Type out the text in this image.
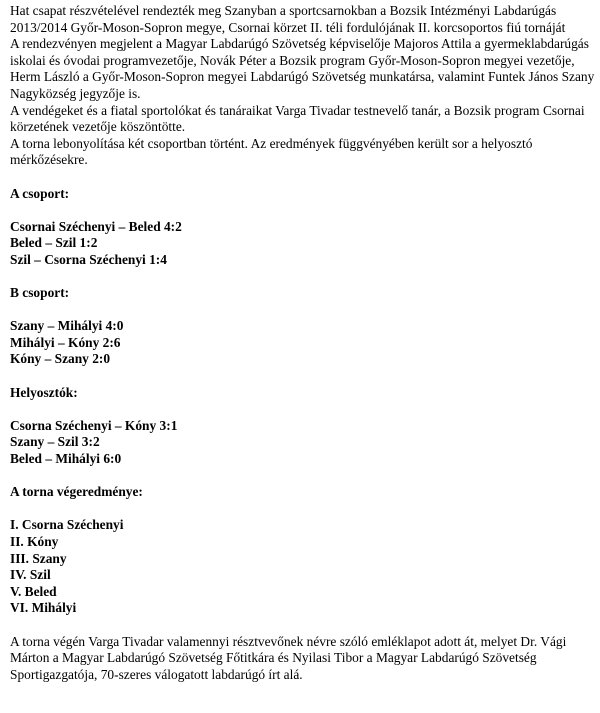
Hat csapat részvételével rendezték meg Szanyban a sportcsarnokban a Bozsik Intézményi Labdarúgás 2013/2014 Győr-Moson-Sopron megye, Csornai körzet II. téli fordulójának II. korcsoportos fiú tornáját

A rendezvényen megjelent a Magyar Labdarúgó Szövetség képviselője Majoros Attila a gyermeklabdarúgás iskolai és óvodai programvezetője, Novák Péter a Bozsik program Győr-Moson-Sopron megyei vezetője, Herm László a Győr-Moson-Sopron megyei Labdarúgó Szövetség munkatársa, valamint Funtek János Szany Nagyközség jegyzője is.

A vendégeket és a fiatal sportolókat és tanáraikat Varga Tivadar testnevelő tanár, a Bozsik program Csornai körzetének vezetője köszöntötte.

A torna lebonyolítása két csoportban történt. Az eredmények függvényében került sor a helyosztó mérkőzésekre.

A csoport:

Csornai Széchenyi – Beled 4:2

Beled – Szil 1:2

Szil – Csorna Széchenyi 1:4

B csoport:

Szany – Mihályi 4:0

Mihályi – Kóny 2:6

Kóny – Szany 2:0

Helyosztók:

Csorna Széchenyi – Kóny 3:1

Szany – Szil 3:2

Beled – Mihályi 6:0

A torna végeredménye:

I. Csorna Széchenyi

II. Kóny

III. Szany

IV. Szil

V. Beled

VI. Mihályi

A torna végén Varga Tivadar valamennyi résztvevőnek névre szóló emléklapot adott át, melyet Dr. Vági Márton a Magyar Labdarúgó Szövetség Főtitkára és Nyilasi Tibor a Magyar Labdarúgó Szövetség Sportigazgatója, 70-szeres válogatott labdarúgó írt alá.
